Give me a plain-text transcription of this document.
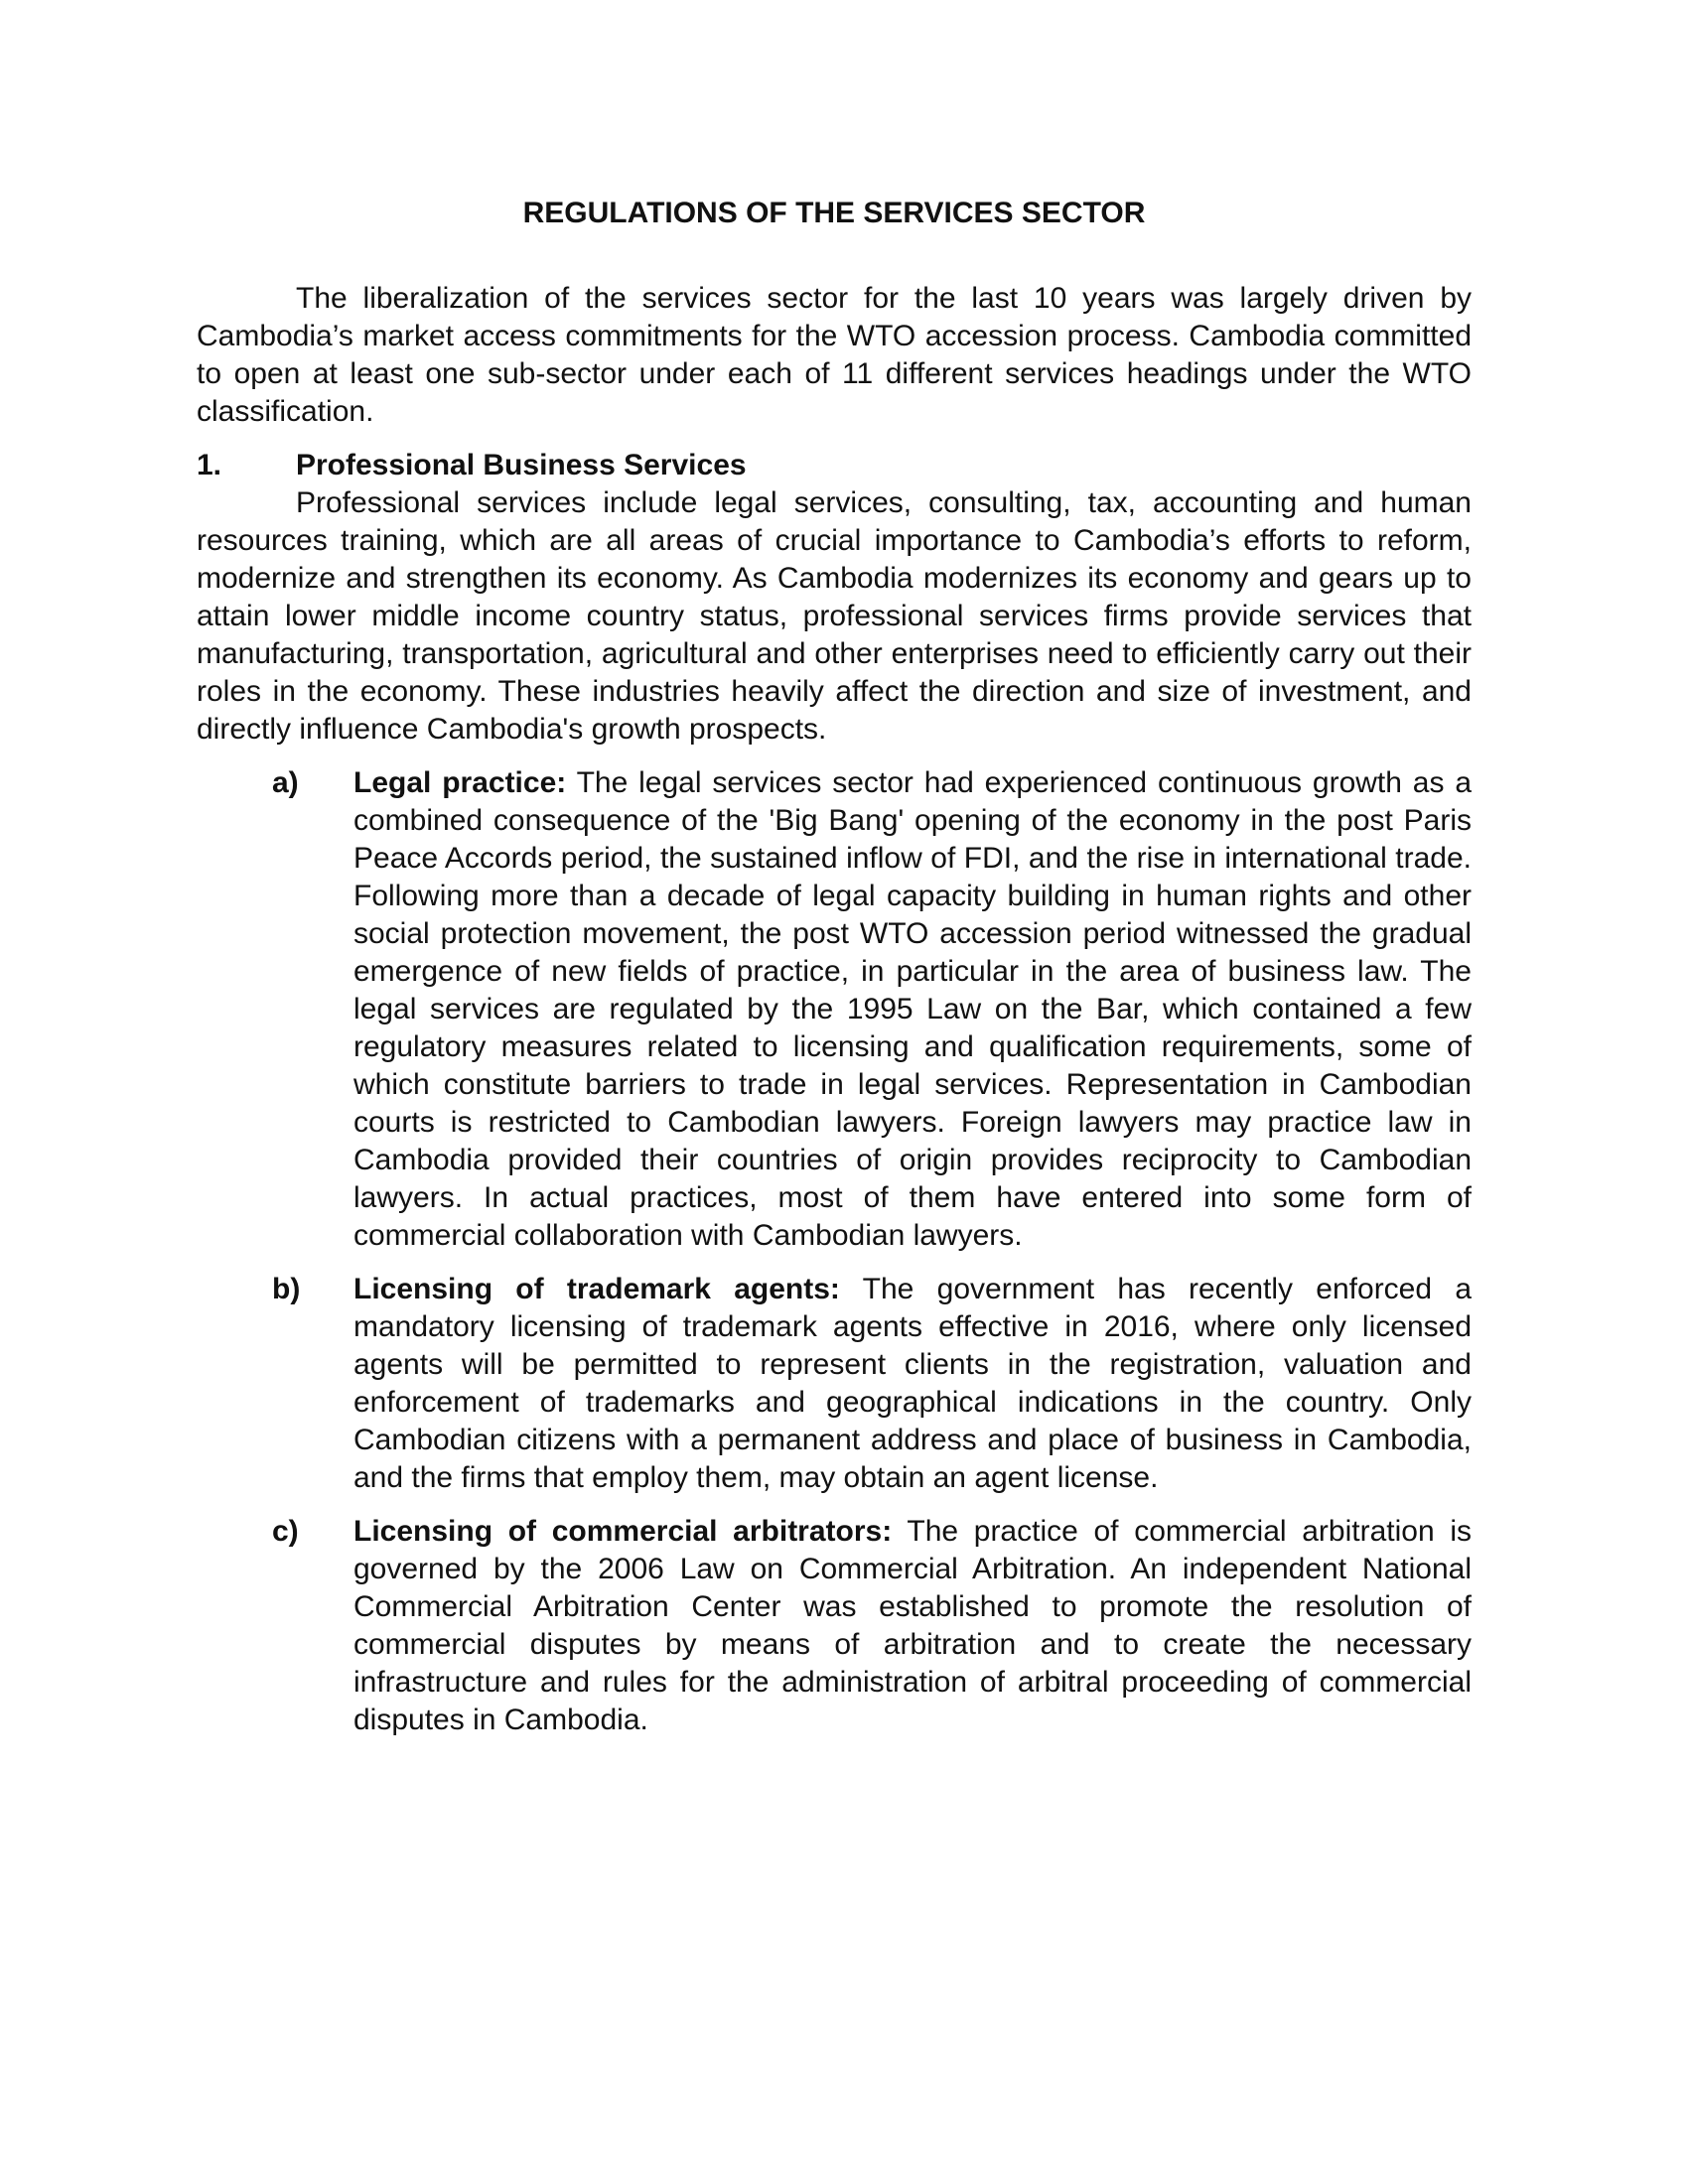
REGULATIONS OF THE SERVICES SECTOR

The liberalization of the services sector for the last 10 years was largely driven by Cambodia’s market access commitments for the WTO accession process. Cambodia committed to open at least one sub-sector under each of 11 different services headings under the WTO classification.

1.	Professional Business Services

Professional services include legal services, consulting, tax, accounting and human resources training, which are all areas of crucial importance to Cambodia’s efforts to reform, modernize and strengthen its economy. As Cambodia modernizes its economy and gears up to attain lower middle income country status, professional services firms provide services that manufacturing, transportation, agricultural and other enterprises need to efficiently carry out their roles in the economy. These industries heavily affect the direction and size of investment, and directly influence Cambodia's growth prospects.

a)	Legal practice: The legal services sector had experienced continuous growth as a combined consequence of the 'Big Bang' opening of the economy in the post Paris Peace Accords period, the sustained inflow of FDI, and the rise in international trade. Following more than a decade of legal capacity building in human rights and other social protection movement, the post WTO accession period witnessed the gradual emergence of new fields of practice, in particular in the area of business law. The legal services are regulated by the 1995 Law on the Bar, which contained a few regulatory measures related to licensing and qualification requirements, some of which constitute barriers to trade in legal services. Representation in Cambodian courts is restricted to Cambodian lawyers. Foreign lawyers may practice law in Cambodia provided their countries of origin provides reciprocity to Cambodian lawyers. In actual practices, most of them have entered into some form of commercial collaboration with Cambodian lawyers.
b)	Licensing of trademark agents: The government has recently enforced a mandatory licensing of trademark agents effective in 2016, where only licensed agents will be permitted to represent clients in the registration, valuation and enforcement of trademarks and geographical indications in the country. Only Cambodian citizens with a permanent address and place of business in Cambodia, and the firms that employ them, may obtain an agent license.
c)	Licensing of commercial arbitrators: The practice of commercial arbitration is governed by the 2006 Law on Commercial Arbitration. An independent National Commercial Arbitration Center was established to promote the resolution of commercial disputes by means of arbitration and to create the necessary infrastructure and rules for the administration of arbitral proceeding of commercial disputes in Cambodia.
